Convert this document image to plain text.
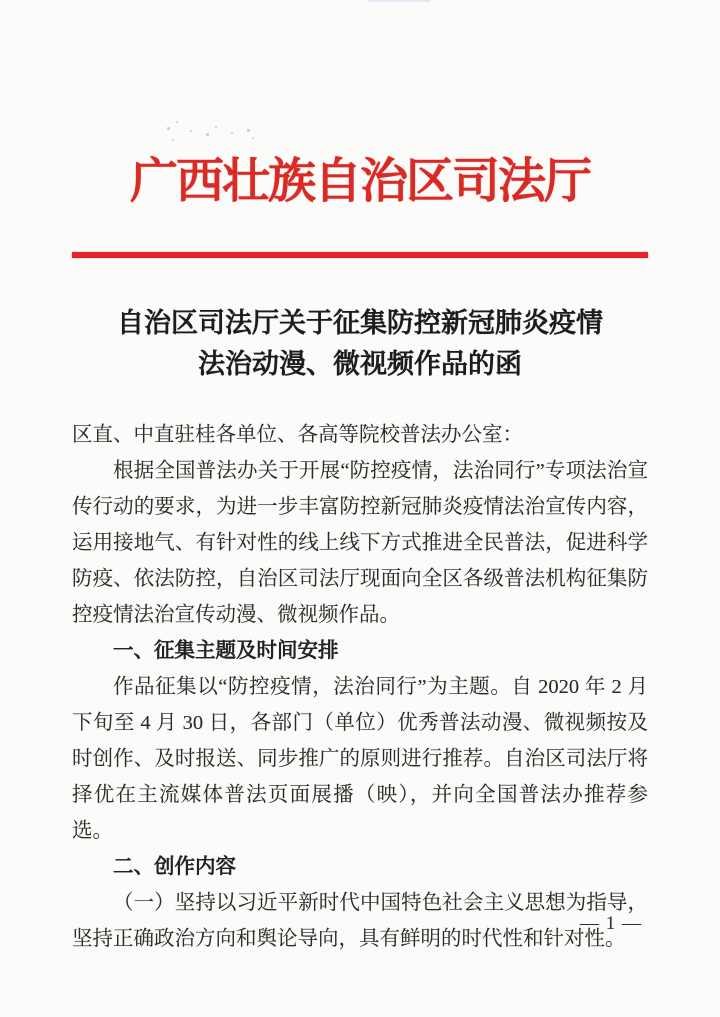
广西壮族自治区司法厅
自治区司法厅关于征集防控新冠肺炎疫情
法治动漫、微视频作品的函

区直、中直驻桂各单位、各高等院校普法办公室：

根据全国普法办关于开展“防控疫情，法治同行”专项法治宣传行动的要求，为进一步丰富防控新冠肺炎疫情法治宣传内容，运用接地气、有针对性的线上线下方式推进全民普法，促进科学防疫、依法防控，自治区司法厅现面向全区各级普法机构征集防控疫情法治宣传动漫、微视频作品。

一、征集主题及时间安排

作品征集以“防控疫情，法治同行”为主题。自 2020 年 2 月下旬至 4 月 30 日，各部门（单位）优秀普法动漫、微视频按及时创作、及时报送、同步推广的原则进行推荐。自治区司法厅将择优在主流媒体普法页面展播（映），并向全国普法办推荐参选。

二、创作内容

（一）坚持以习近平新时代中国特色社会主义思想为指导，坚持正确政治方向和舆论导向，具有鲜明的时代性和针对性。

— 1 —
